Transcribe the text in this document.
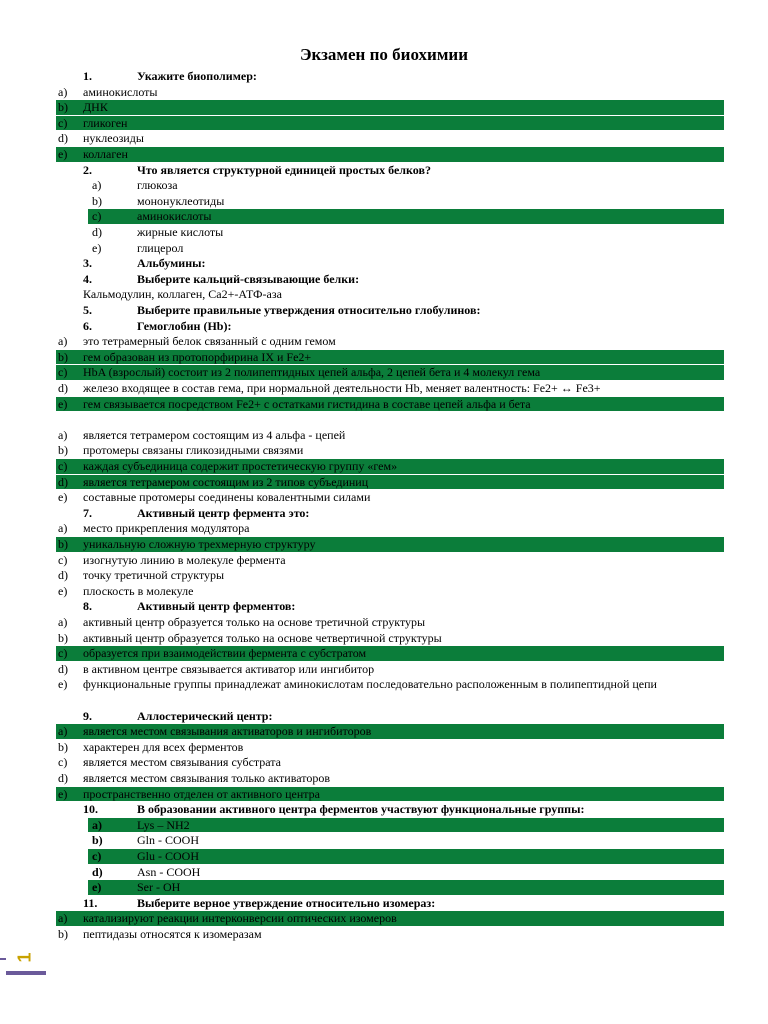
Экзамен по биохимии
1.	Укажите биополимер:
a) аминокислоты
b) ДНК
c) гликоген
d) нуклеозиды
e) коллаген
2.	Что является структурной единицей простых белков?
a)	глюкоза
b)	мононуклеотиды
c)	аминокислоты
d)	жирные кислоты
e)	глицерол
3.	Альбумины:
4.	Выберите кальций-связывающие белки:
Кальмодулин, коллаген, Са2+-АТФ-аза
5.	Выберите правильные утверждения относительно глобулинов:
6.	Гемоглобин (Hb):
a) это тетрамерный белок связанный с одним гемом
b) гем образован из протопорфирина IX и Fe2+
c) HbA (взрослый) состоит из 2 полипептидных цепей альфа, 2 цепей бета и 4 молекул гема
d) железо входящее в состав гема, при нормальной деятельности Hb, меняет валентность: Fe2+ ↔ Fe3+
e) гем связывается посредством Fe2+ с остатками гистидина в составе цепей альфа и бета
a) является тетрамером состоящим из 4 альфа - цепей
b) протомеры связаны гликозидными связями
c) каждая субъединица содержит простетическую группу «гем»
d) является тетрамером состоящим из 2 типов субъединиц
e) составные протомеры соединены ковалентными силами
7.	Активный центр фермента это:
a) место прикрепления модулятора
b) уникальную сложную трехмерную структуру
c) изогнутую линию в молекуле фермента
d) точку третичной структуры
e) плоскость в молекуле
8.	Активный центр ферментов:
a) активный центр образуется только на основе третичной структуры
b) активный центр образуется только на основе четвертичной структуры
c) образуется при взаимодействии фермента с субстратом
d) в активном центре связывается активатор или ингибитор
e) функциональные группы принадлежат аминокислотам последовательно расположенным в полипептидной цепи
9.	Аллостерический центр:
a) является местом связывания активаторов и ингибиторов
b) характерен для всех ферментов
c) является местом связывания субстрата
d) является местом связывания только активаторов
e) пространственно отделен от активного центра
10.	В образовании активного центра ферментов участвуют функциональные группы:
a)	Lys – NH2
b)	Gln - COOH
c)	Glu - COOH
d)	Asn - COOH
e)	Ser - OH
11.	Выберите верное утверждение относительно изомераз:
a) катализируют реакции интерконверсии оптических изомеров
b) пептидазы относятся к изомеразам
1
